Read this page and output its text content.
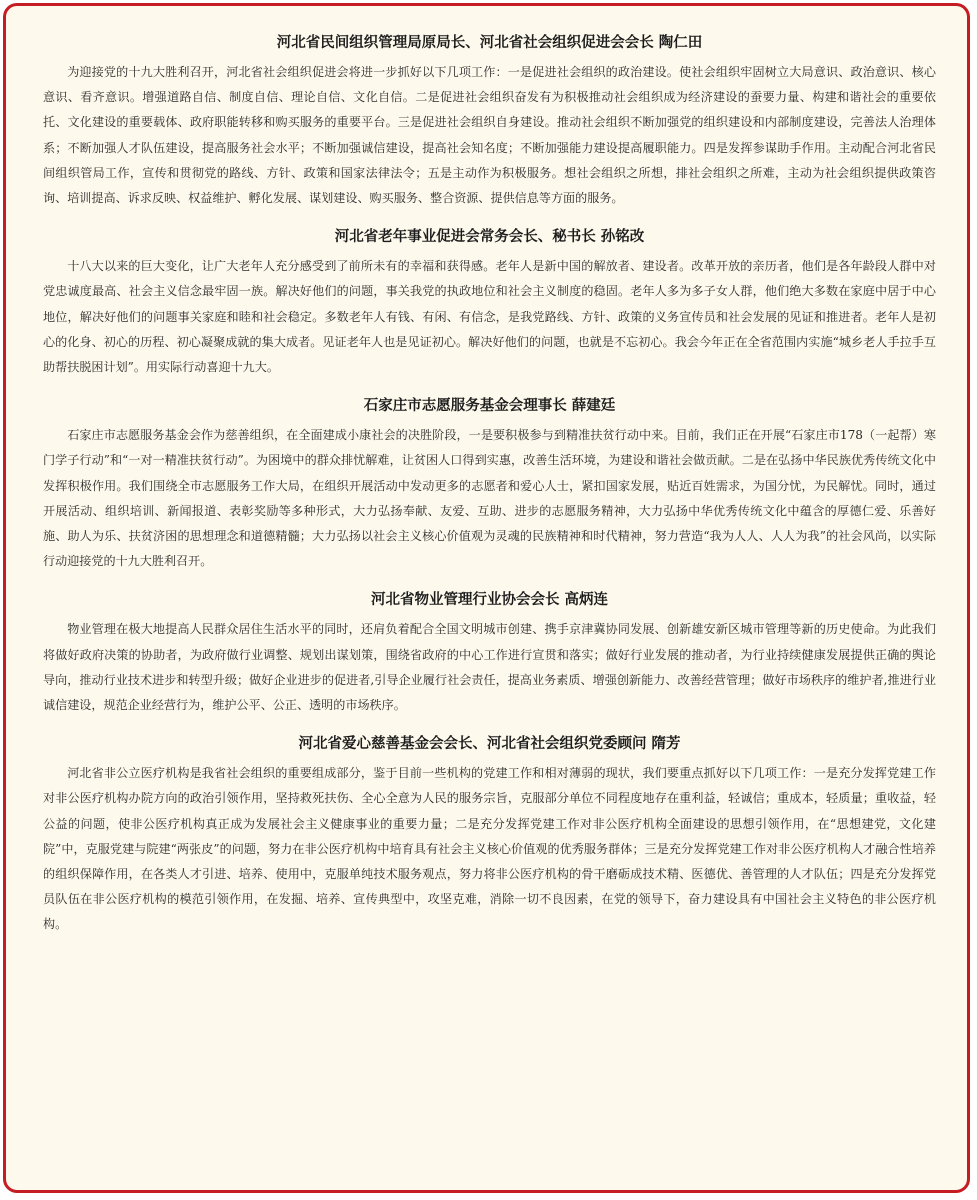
河北省民间组织管理局原局长、河北省社会组织促进会会长 陶仁田

为迎接党的十九大胜利召开，河北省社会组织促进会将进一步抓好以下几项工作：一是促进社会组织的政治建设。使社会组织牢固树立大局意识、政治意识、核心意识、看齐意识。增强道路自信、制度自信、理论自信、文化自信。二是促进社会组织奋发有为积极推动社会组织成为经济建设的蚕要力量、构建和谐社会的重要依托、文化建设的重要载体、政府职能转移和购买服务的重要平台。三是促进社会组织自身建设。推动社会组织不断加强党的组织建设和内部制度建设，完善法人治理体系；不断加强人才队伍建设，提高服务社会水平；不断加强诚信建设，提高社会知名度；不断加强能力建设提高履职能力。四是发挥参谋助手作用。主动配合河北省民间组织管局工作，宣传和贯彻党的路线、方针、政策和国家法律法令；五是主动作为积极服务。想社会组织之所想，排社会组织之所难，主动为社会组织提供政策咨询、培训提高、诉求反映、权益维护、孵化发展、谋划建设、购买服务、整合资源、提供信息等方面的服务。

河北省老年事业促进会常务会长、秘书长 孙铭改

十八大以来的巨大变化，让广大老年人充分感受到了前所未有的幸福和获得感。老年人是新中国的解放者、建设者。改革开放的亲历者，他们是各年龄段人群中对党忠诚度最高、社会主义信念最牢固一族。解决好他们的问题，事关我党的执政地位和社会主义制度的稳固。老年人多为多子女人群，他们绝大多数在家庭中居于中心地位，解决好他们的问题事关家庭和睦和社会稳定。多数老年人有钱、有闲、有信念，是我党路线、方针、政策的义务宣传员和社会发展的见证和推进者。老年人是初心的化身、初心的历程、初心凝聚成就的集大成者。见证老年人也是见证初心。解决好他们的问题，也就是不忘初心。我会今年正在全省范围内实施“城乡老人手拉手互助帮扶脱困计划”。用实际行动喜迎十九大。

石家庄市志愿服务基金会理事长 薛建廷

石家庄市志愿服务基金会作为慈善组织，在全面建成小康社会的决胜阶段，一是要积极参与到精准扶贫行动中来。目前，我们正在开展“石家庄市178（一起帮）寒门学子行动”和“一对一精准扶贫行动”。为困境中的群众排忧解难，让贫困人口得到实惠，改善生活环境，为建设和谐社会做贡献。二是在弘扬中华民族优秀传统文化中发挥积极作用。我们围绕全市志愿服务工作大局，在组织开展活动中发动更多的志愿者和爱心人士，紧扣国家发展，贴近百姓需求，为国分忧，为民解忧。同时，通过开展活动、组织培训、新闻报道、表彰奖励等多种形式，大力弘扬奉献、友爱、互助、进步的志愿服务精神，大力弘扬中华优秀传统文化中蕴含的厚德仁爱、乐善好施、助人为乐、扶贫济困的思想理念和道德精髓；大力弘扬以社会主义核心价值观为灵魂的民族精神和时代精神，努力营造“我为人人、人人为我”的社会风尚，以实际行动迎接党的十九大胜利召开。

河北省物业管理行业协会会长 高炳连

物业管理在极大地提高人民群众居住生活水平的同时，还肩负着配合全国文明城市创建、携手京津冀协同发展、创新雄安新区城市管理等新的历史使命。为此我们将做好政府决策的协助者，为政府做行业调整、规划出谋划策，围绕省政府的中心工作进行宣贯和落实；做好行业发展的推动者，为行业持续健康发展提供正确的舆论导向，推动行业技术进步和转型升级；做好企业进步的促进者,引导企业履行社会责任，提高业务素质、增强创新能力、改善经营管理；做好市场秩序的维护者,推进行业诚信建设，规范企业经营行为，维护公平、公正、透明的市场秩序。

河北省爱心慈善基金会会长、河北省社会组织党委顾问 隋芳

河北省非公立医疗机构是我省社会组织的重要组成部分，鉴于目前一些机构的党建工作和相对薄弱的现状，我们要重点抓好以下几项工作：一是充分发挥党建工作对非公医疗机构办院方向的政治引领作用，坚持救死扶伤、全心全意为人民的服务宗旨，克服部分单位不同程度地存在重利益，轻诚信；重成本，轻质量；重收益，轻公益的问题，使非公医疗机构真正成为发展社会主义健康事业的重要力量；二是充分发挥党建工作对非公医疗机构全面建设的思想引领作用，在“思想建党，文化建院”中，克服党建与院建“两张皮”的问题，努力在非公医疗机构中培育具有社会主义核心价值观的优秀服务群体；三是充分发挥党建工作对非公医疗机构人才融合性培养的组织保障作用，在各类人才引进、培养、使用中，克服单纯技术服务观点，努力将非公医疗机构的骨干磨砺成技术精、医德优、善管理的人才队伍；四是充分发挥党员队伍在非公医疗机构的模范引领作用，在发掘、培养、宣传典型中，攻坚克难，消除一切不良因素，在党的领导下，奋力建设具有中国社会主义特色的非公医疗机构。
